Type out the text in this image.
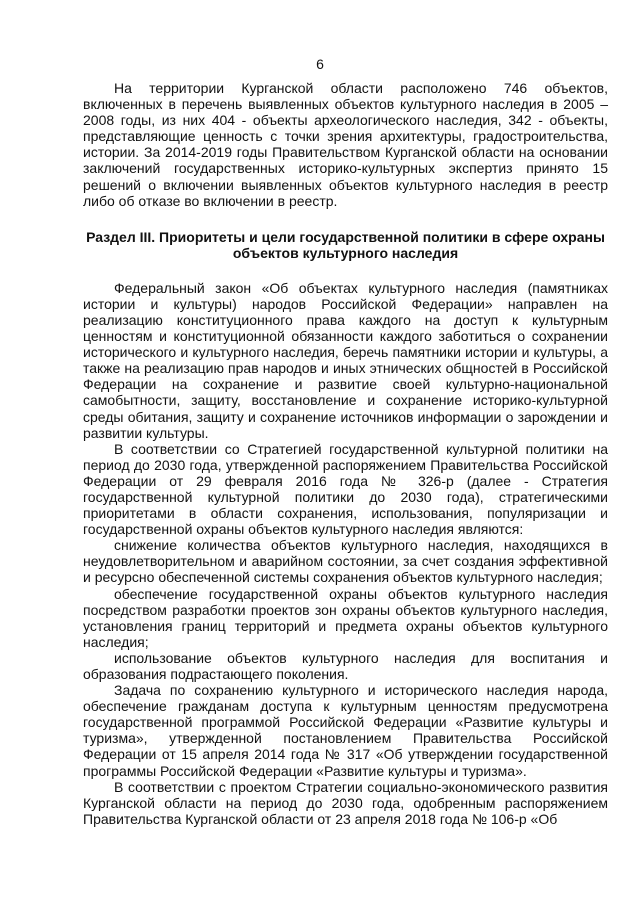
6

На территории Курганской области расположено 746 объектов, включенных в перечень выявленных объектов культурного наследия в 2005 – 2008 годы, из них 404 - объекты археологического наследия, 342 - объекты, представляющие ценность с точки зрения архитектуры, градостроительства, истории. За 2014-2019 годы Правительством Курганской области на основании заключений государственных историко-культурных экспертиз принято 15 решений о включении выявленных объектов культурного наследия в реестр либо об отказе во включении в реестр.

Раздел III. Приоритеты и цели государственной политики в сфере охраны объектов культурного наследия

Федеральный закон «Об объектах культурного наследия (памятниках истории и культуры) народов Российской Федерации» направлен на реализацию конституционного права каждого на доступ к культурным ценностям и конституционной обязанности каждого заботиться о сохранении исторического и культурного наследия, беречь памятники истории и культуры, а также на реализацию прав народов и иных этнических общностей в Российской Федерации на сохранение и развитие своей культурно-национальной самобытности, защиту, восстановление и сохранение историко-культурной среды обитания, защиту и сохранение источников информации о зарождении и развитии культуры.

В соответствии со Стратегией государственной культурной политики на период до 2030 года, утвержденной распоряжением Правительства Российской Федерации от 29 февраля 2016 года № 326-р (далее - Стратегия государственной культурной политики до 2030 года), стратегическими приоритетами в области сохранения, использования, популяризации и государственной охраны объектов культурного наследия являются:

снижение количества объектов культурного наследия, находящихся в неудовлетворительном и аварийном состоянии, за счет создания эффективной и ресурсно обеспеченной системы сохранения объектов культурного наследия;

обеспечение государственной охраны объектов культурного наследия посредством разработки проектов зон охраны объектов культурного наследия, установления границ территорий и предмета охраны объектов культурного наследия;

использование объектов культурного наследия для воспитания и образования подрастающего поколения.

Задача по сохранению культурного и исторического наследия народа, обеспечение гражданам доступа к культурным ценностям предусмотрена государственной программой Российской Федерации «Развитие культуры и туризма», утвержденной постановлением Правительства Российской Федерации от 15 апреля 2014 года № 317 «Об утверждении государственной программы Российской Федерации «Развитие культуры и туризма».

В соответствии с проектом Стратегии социально-экономического развития Курганской области на период до 2030 года, одобренным распоряжением Правительства Курганской области от 23 апреля 2018 года № 106-р «Об
